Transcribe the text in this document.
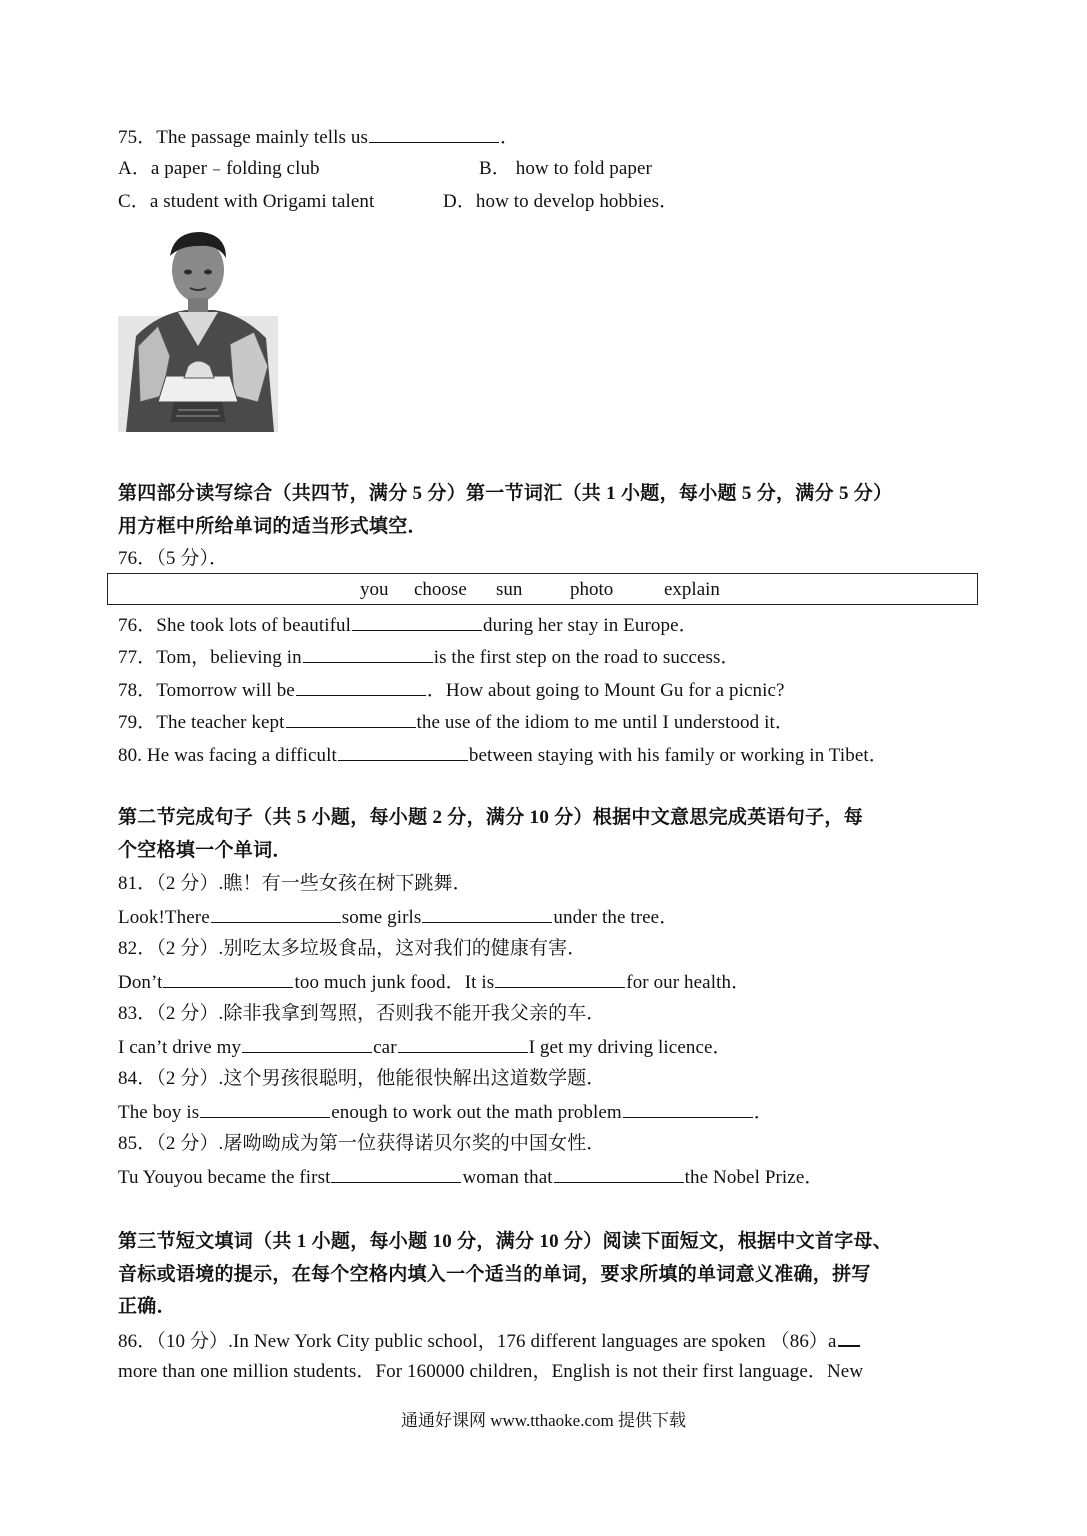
75．The passage mainly tells us	．
A．a paper﹣folding club	B． how to fold paper
C．a student with Origami talent	D．how to develop hobbies．
第四部分读写综合（共四节，满分 5 分）第一节词汇（共 1 小题，每小题 5 分，满分 5 分）
用方框中所给单词的适当形式填空．
76．（5 分）．
you choose sun	photo	explain
76．She took lots of beautiful	during her stay in Europe．
77．Tom，believing in	is the first step on the road to success．
78．Tomorrow will be	．How about going to Mount Gu for a picnic?
79．The teacher kept	the use of the idiom to me until I understood it．
80. He was facing a difficult	between staying with his family or working in Tibet．
第二节完成句子（共 5 小题，每小题 2 分，满分 10 分）根据中文意思完成英语句子，每
个空格填一个单词．
81．（2 分）.瞧！有一些女孩在树下跳舞．
Look!There	some girls	under the tree．
82．（2 分）.别吃太多垃圾食品，这对我们的健康有害．
Don’t	too much junk food．It is	for our health．
83．（2 分）.除非我拿到驾照，否则我不能开我父亲的车．
I can’t drive my	car	I get my driving licence．
84．（2 分）.这个男孩很聪明，他能很快解出这道数学题．
The boy is	enough to work out the math problem	．
85．（2 分）.屠呦呦成为第一位获得诺贝尔奖的中国女性．
Tu Youyou became the first	woman that	the Nobel Prize．
第三节短文填词（共 1 小题，每小题 10 分，满分 10 分）阅读下面短文，根据中文首字母、
音标或语境的提示，在每个空格内填入一个适当的单词，要求所填的单词意义准确，拼写
正确．
86．（10 分）.In New York City public school，176 different languages are spoken （86）a
more than one million students．For 160000 children，English is not their first language．New
通通好课网 www.tthaoke.com 提供下载
